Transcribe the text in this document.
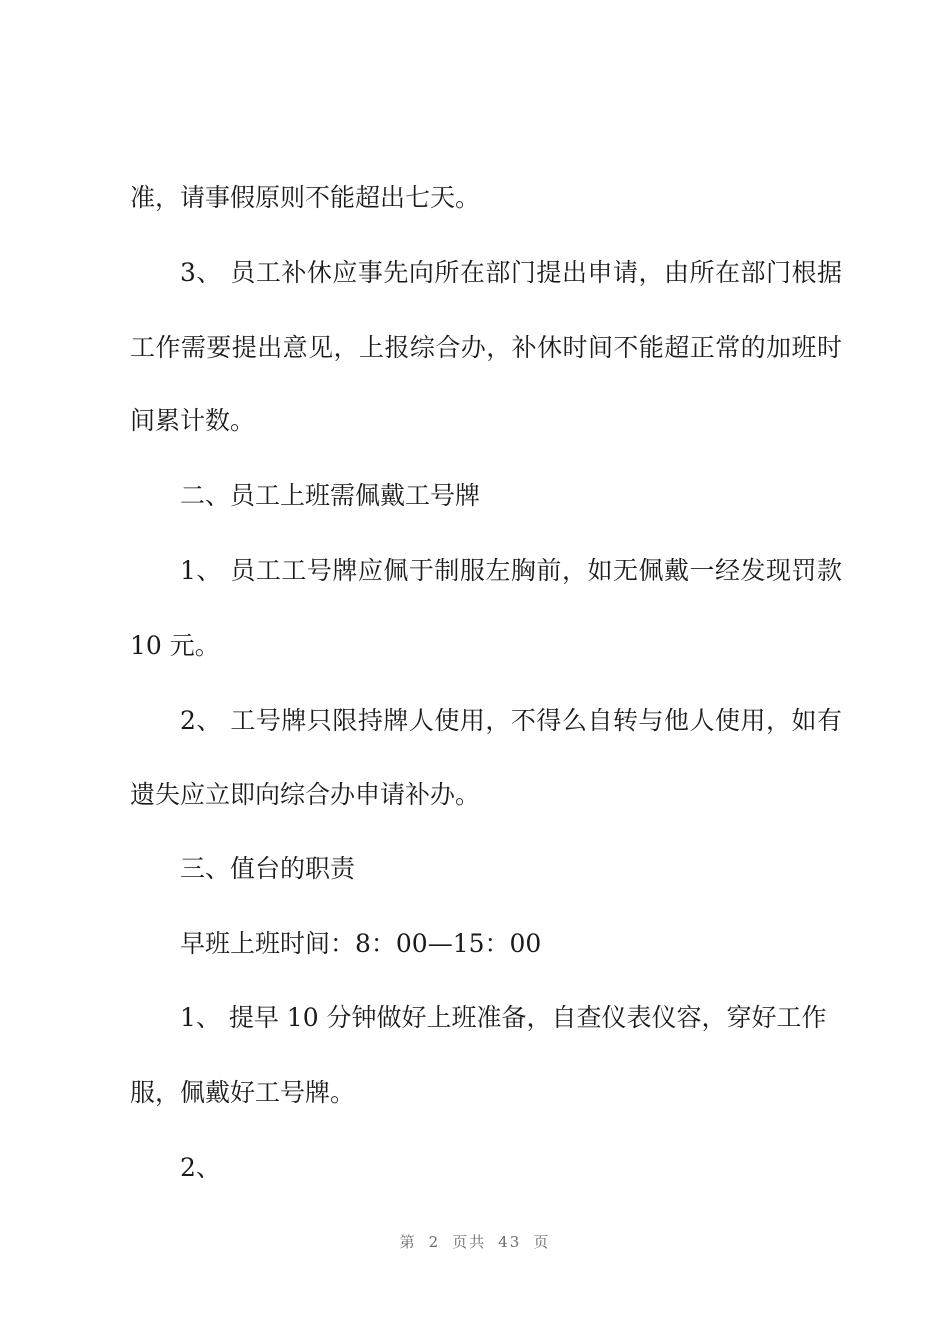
准，请事假原则不能超出七天。
3、 员工补休应事先向所在部门提出申请，由所在部门根据
工作需要提出意见，上报综合办，补休时间不能超正常的加班时
间累计数。
二、员工上班需佩戴工号牌
1、 员工工号牌应佩于制服左胸前，如无佩戴一经发现罚款
10 元。
2、 工号牌只限持牌人使用，不得么自转与他人使用，如有
遗失应立即向综合办申请补办。
三、值台的职责
早班上班时间：8：00—15：00
1、 提早 10 分钟做好上班准备，自查仪表仪容，穿好工作
服，佩戴好工号牌。
2、
第 2 页共 43 页
